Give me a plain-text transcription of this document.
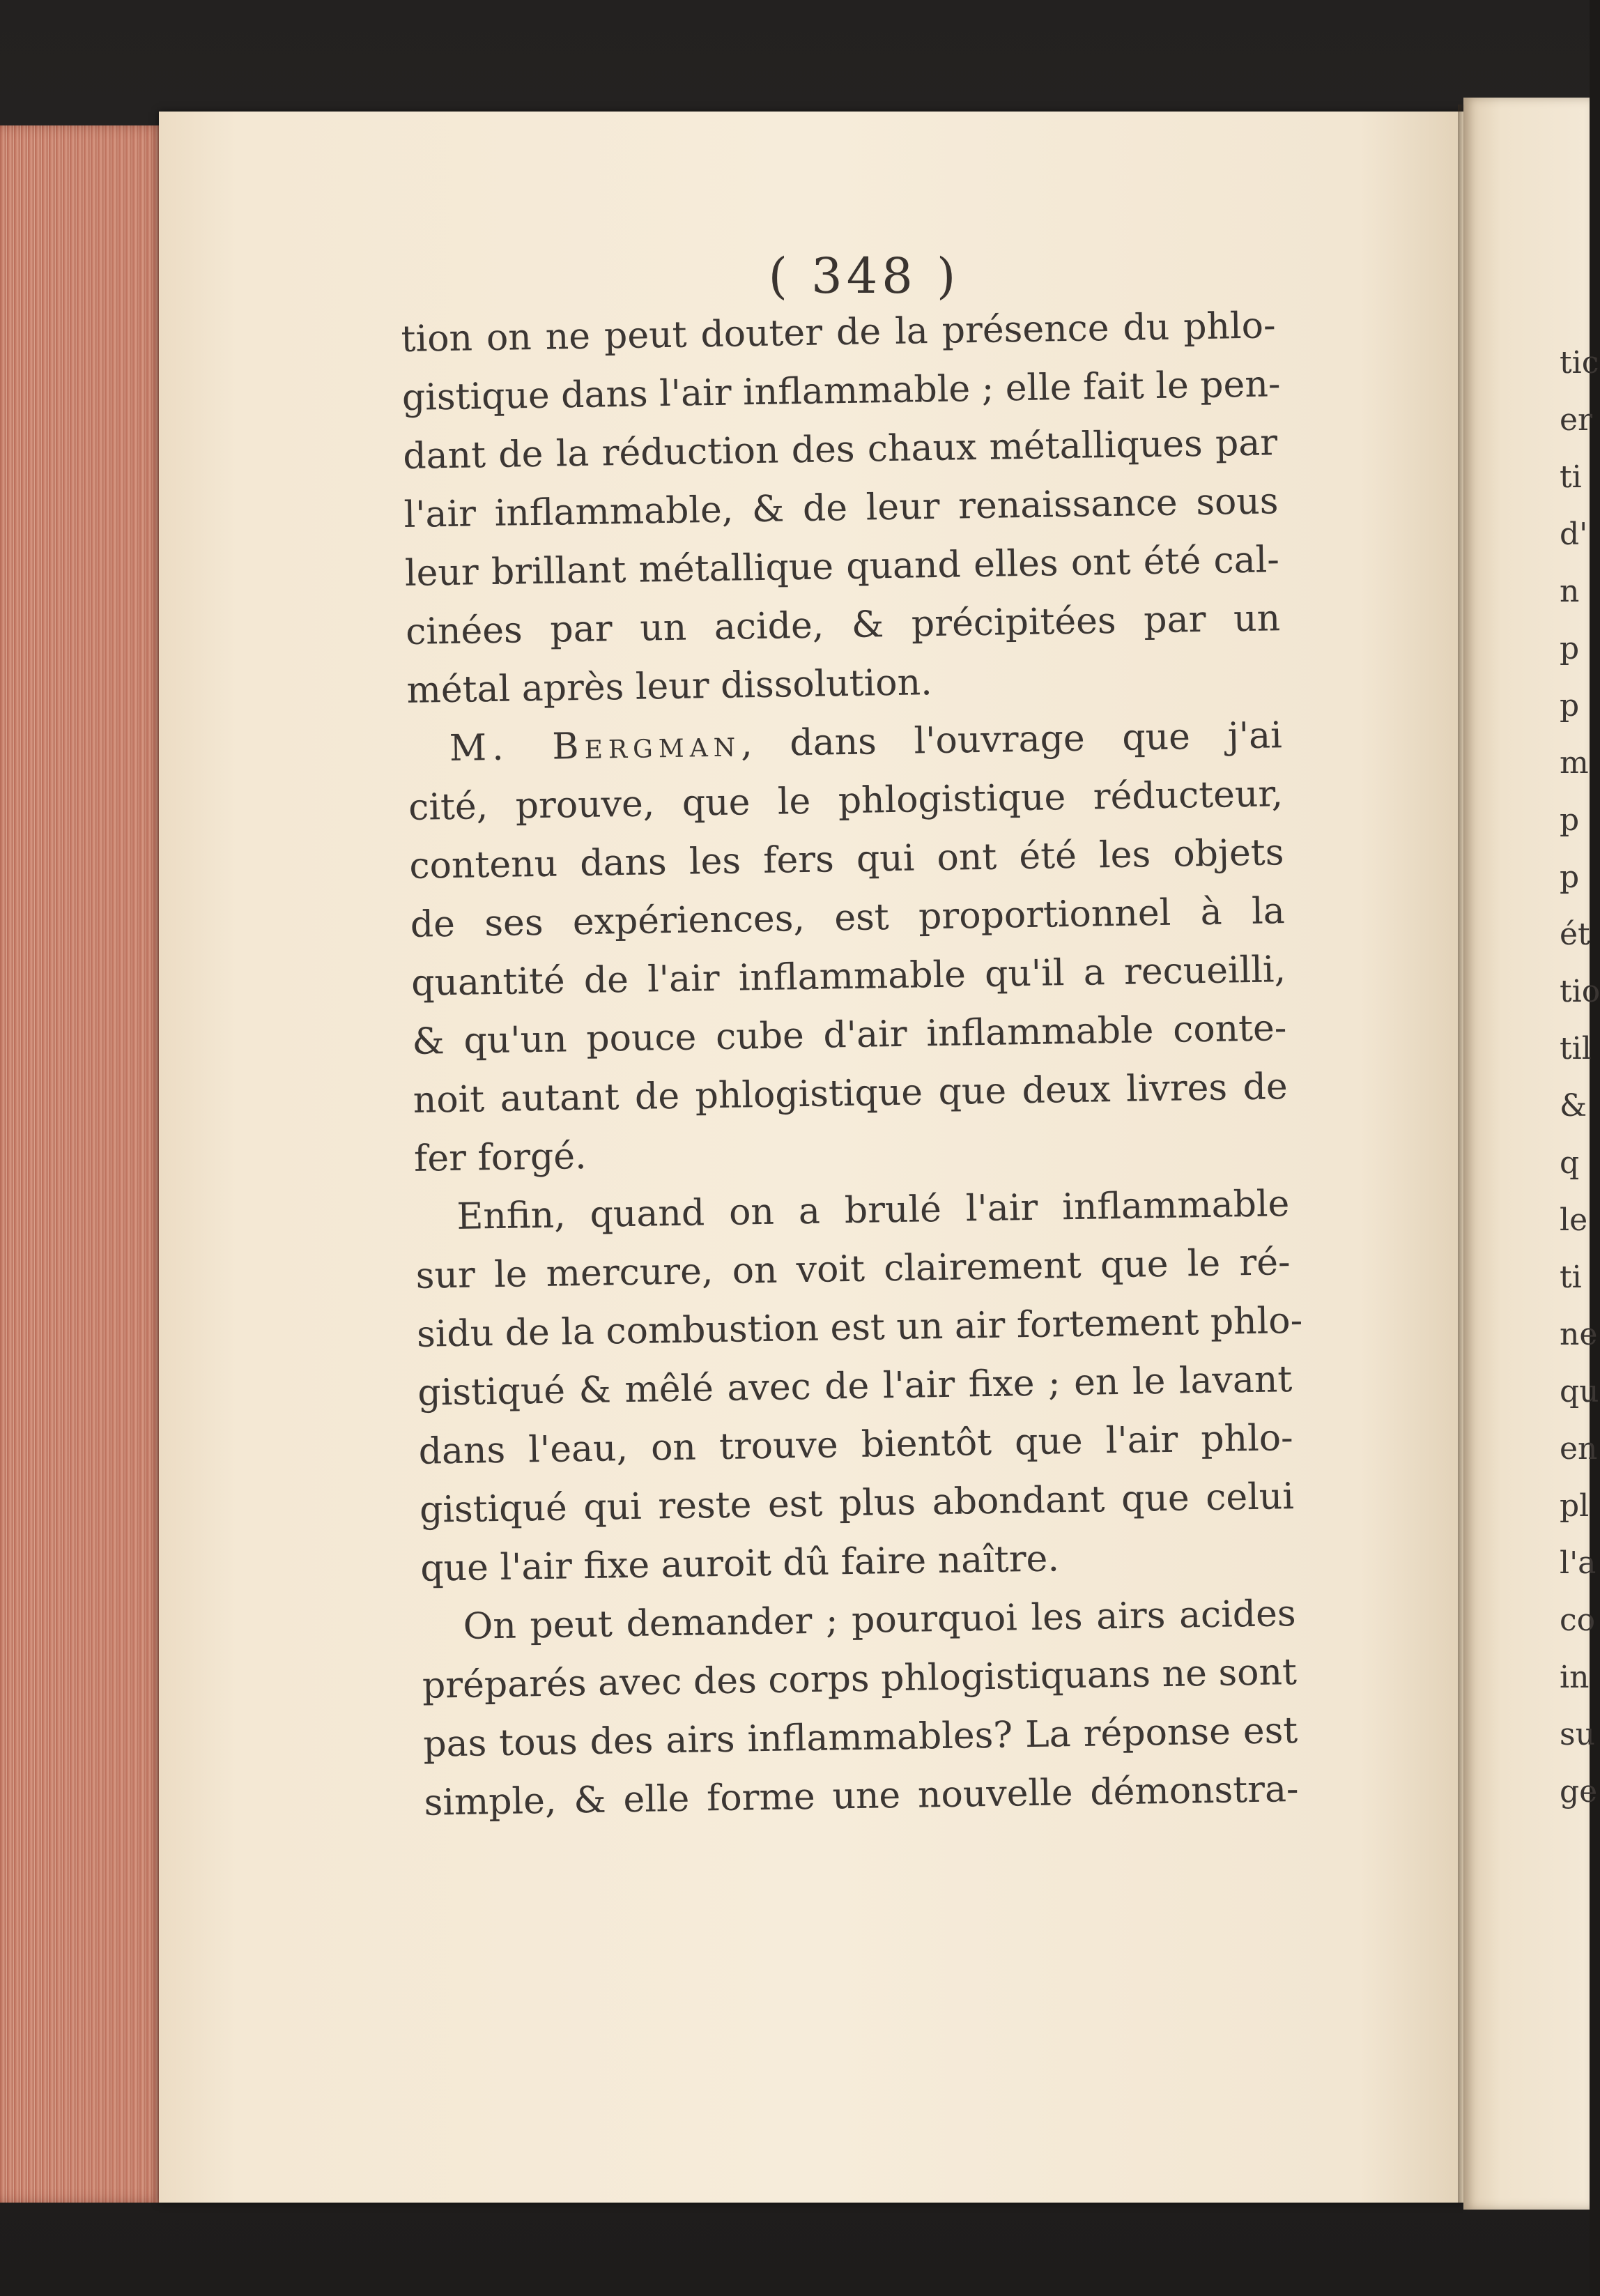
( 348 )
tion on ne peut douter de la présence du phlo-
gistique dans l'air inflammable ; elle fait le pen-
dant de la réduction des chaux métalliques par
l'air inflammable, & de leur renaissance sous
leur brillant métallique quand elles ont été cal-
cinées par un acide, & précipitées par un
métal après leur dissolution.
M. Bergman, dans l'ouvrage que j'ai
cité, prouve, que le phlogistique réducteur,
contenu dans les fers qui ont été les objets
de ses expériences, est proportionnel à la
quantité de l'air inflammable qu'il a recueilli,
& qu'un pouce cube d'air inflammable conte-
noit autant de phlogistique que deux livres de
fer forgé.
Enfin, quand on a brulé l'air inflammable
sur le mercure, on voit clairement que le ré-
sidu de la combustion est un air fortement phlo-
gistiqué & mêlé avec de l'air fixe ; en le lavant
dans l'eau, on trouve bientôt que l'air phlo-
gistiqué qui reste est plus abondant que celui
que l'air fixe auroit dû faire naître.
On peut demander ; pourquoi les airs acides
préparés avec des corps phlogistiquans ne sont
pas tous des airs inflammables? La réponse est
simple, & elle forme une nouvelle démonstra-
tic
er
ti
d'
n
p
p
m
p
p
ét
tio
til
&
q
le
ti
ne
qu
en
pl
l'a
co
in
su
ge
